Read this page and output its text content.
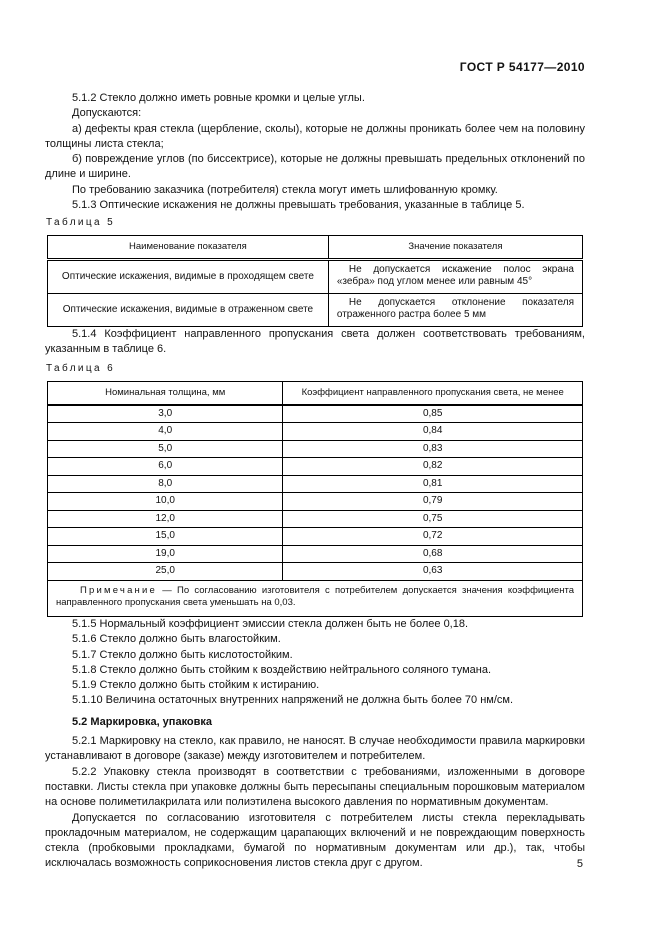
ГОСТ Р 54177—2010

5.1.2 Стекло должно иметь ровные кромки и целые углы.

Допускаются:

а) дефекты края стекла (щербление, сколы), которые не должны проникать более чем на половину толщины листа стекла;

б) повреждение углов (по биссектрисе), которые не должны превышать предельных отклонений по длине и ширине.

По требованию заказчика (потребителя) стекла могут иметь шлифованную кромку.

5.1.3 Оптические искажения не должны превышать требования, указанные в таблице 5.

Таблица 5
Наименование показателя	Значение показателя
Оптические искажения, видимые в проходящем свете	Не допускается искажение полос экрана «зебра» под углом менее или равным 45°
Оптические искажения, видимые в отраженном свете	Не допускается отклонение показателя отраженного растра более 5 мм

5.1.4 Коэффициент направленного пропускания света должен соответствовать требованиям, указанным в таблице 6.

Таблица 6
Номинальная толщина, мм	Коэффициент направленного пропускания света, не менее
3,0	0,85
4,0	0,84
5,0	0,83
6,0	0,82
8,0	0,81
10,0	0,79
12,0	0,75
15,0	0,72
19,0	0,68
25,0	0,63
Примечание — По согласованию изготовителя с потребителем допускается значения коэффициента направленного пропускания света уменьшать на 0,03.	

5.1.5 Нормальный коэффициент эмиссии стекла должен быть не более 0,18.

5.1.6 Стекло должно быть влагостойким.

5.1.7 Стекло должно быть кислотостойким.

5.1.8 Стекло должно быть стойким к воздействию нейтрального соляного тумана.

5.1.9 Стекло должно быть стойким к истиранию.

5.1.10 Величина остаточных внутренних напряжений не должна быть более 70 нм/см.

5.2 Маркировка, упаковка

5.2.1 Маркировку на стекло, как правило, не наносят. В случае необходимости правила маркировки устанавливают в договоре (заказе) между изготовителем и потребителем.

5.2.2 Упаковку стекла производят в соответствии с требованиями, изложенными в договоре поставки. Листы стекла при упаковке должны быть пересыпаны специальным порошковым материалом на основе полиметилакрилата или полиэтилена высокого давления по нормативным документам.

Допускается по согласованию изготовителя с потребителем листы стекла перекладывать прокладочным материалом, не содержащим царапающих включений и не повреждающим поверхность стекла (пробковыми прокладками, бумагой по нормативным документам или др.), так, чтобы исключалась возможность соприкосновения листов стекла друг с другом.	5
